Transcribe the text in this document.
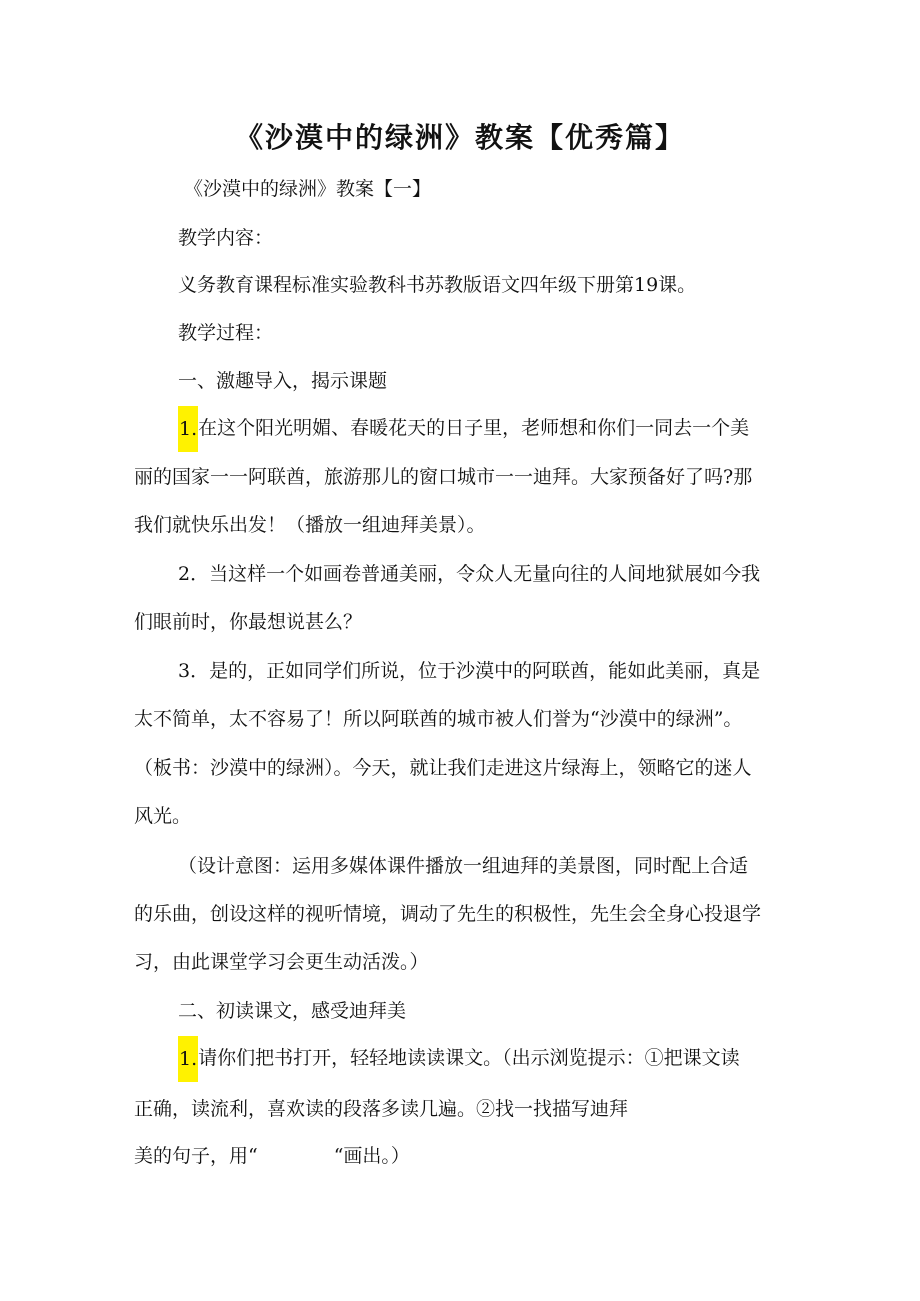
《沙漠中的绿洲》教案【优秀篇】

《沙漠中的绿洲》教案【一】

教学内容：

义务教育课程标准实验教科书苏教版语文四年级下册第19课。

教学过程：

一、激趣导入，揭示课题

1.在这个阳光明媚、春暖花天的日子里，老师想和你们一同去一个美

丽的国家一一阿联酋，旅游那儿的窗口城市一一迪拜。大家预备好了吗?那

我们就快乐出发！（播放一组迪拜美景）。

2．当这样一个如画卷普通美丽，令众人无量向往的人间地狱展如今我

们眼前时，你最想说甚么？

3．是的，正如同学们所说，位于沙漠中的阿联酋，能如此美丽，真是

太不简单，太不容易了！所以阿联酋的城市被人们誉为“沙漠中的绿洲”。

（板书：沙漠中的绿洲）。今天，就让我们走进这片绿海上，领略它的迷人

风光。

（设计意图：运用多媒体课件播放一组迪拜的美景图，同时配上合适

的乐曲，创设这样的视听情境，调动了先生的积极性，先生会全身心投退学

习，由此课堂学习会更生动活泼。）

二、初读课文，感受迪拜美

1.请你们把书打开，轻轻地读读课文。（出示浏览提示：①把课文读

正确，读流利，喜欢读的段落多读几遍。②找一找描写迪拜

美的句子，用“　　　　“画出。）
